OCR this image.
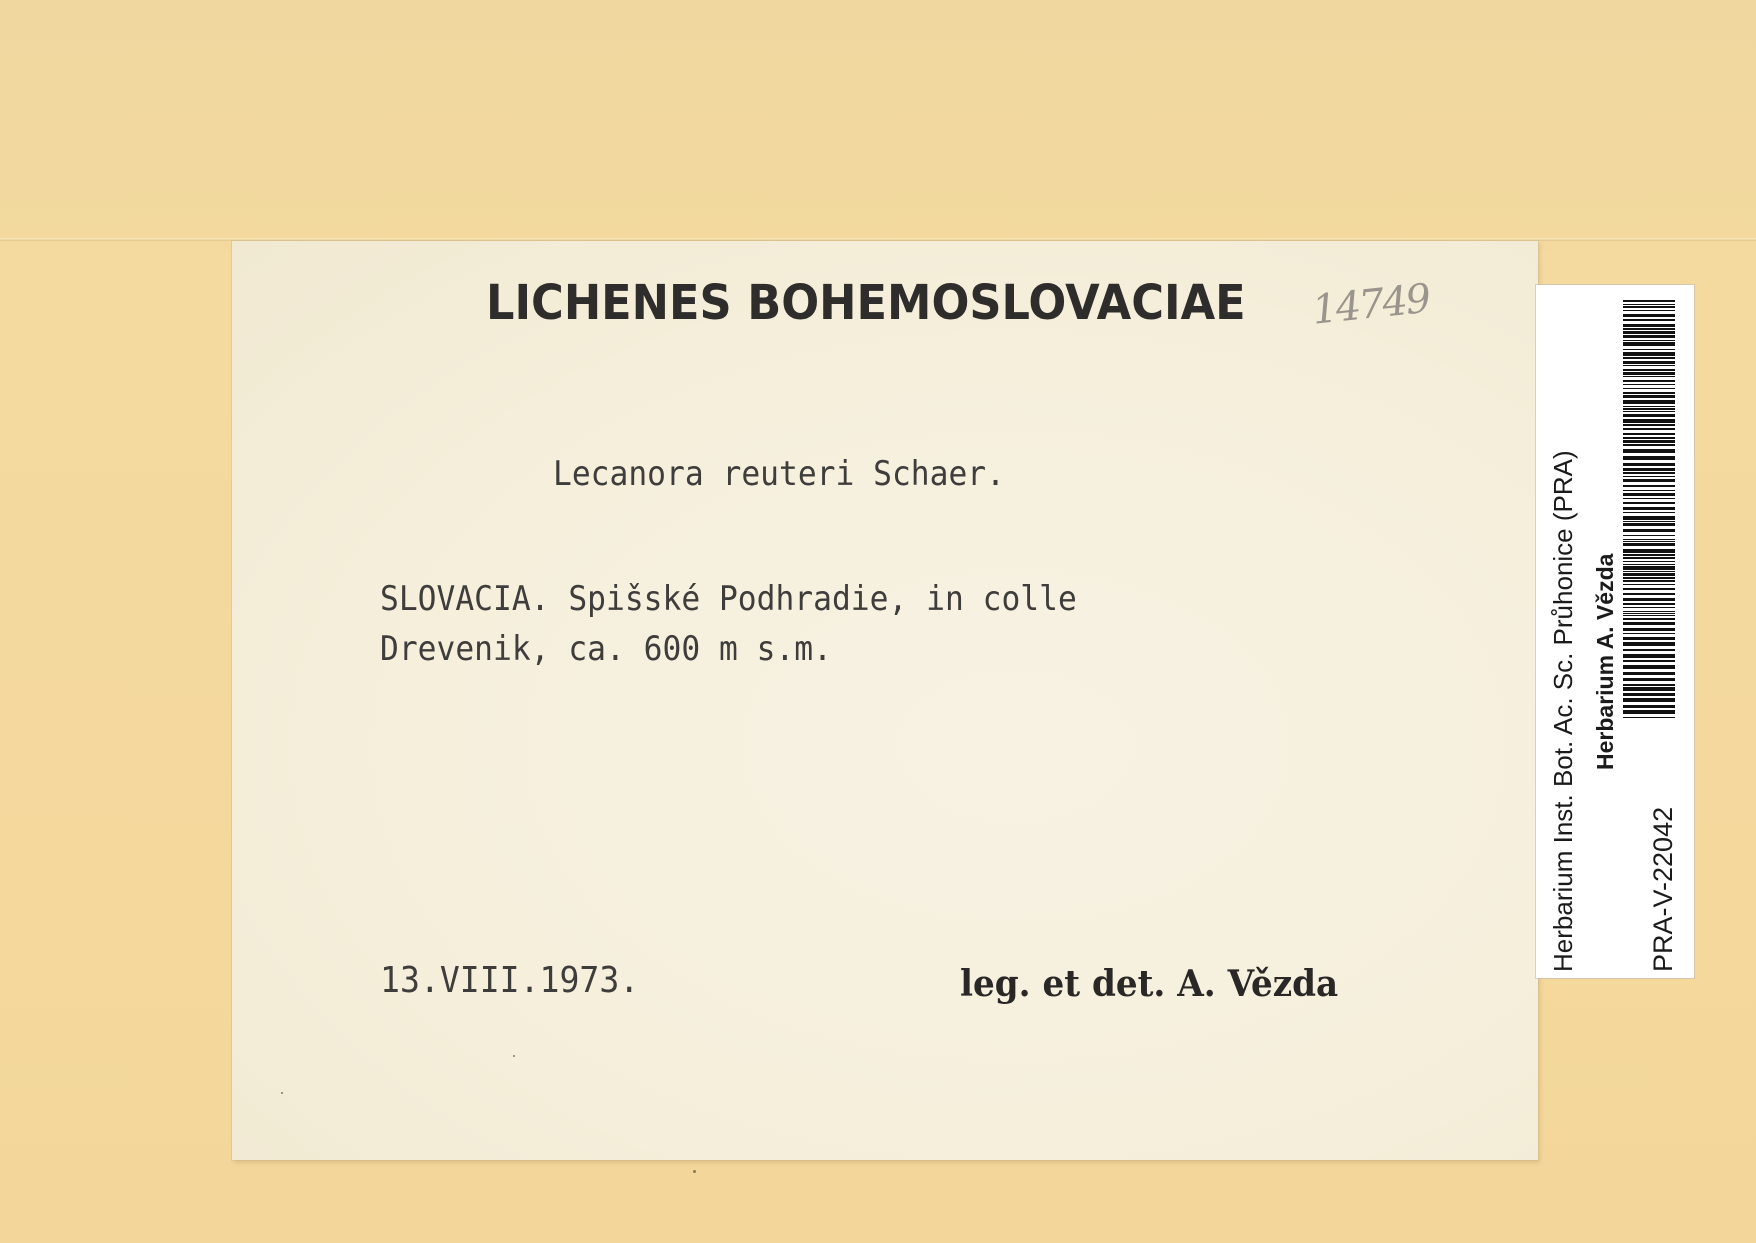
LICHENES BOHEMOSLOVACIAE 14749
Lecanora reuteri Schaer.
SLOVACIA. Spišské Podhradie, in colle
Drevenik, ca. 600 m s.m.
13.VIII.1973.	leg. et det. A. Vězda
Herbarium Inst. Bot. Ac. Sc. Průhonice (PRA) Herbarium A. Vězda
PRA-V-22042
